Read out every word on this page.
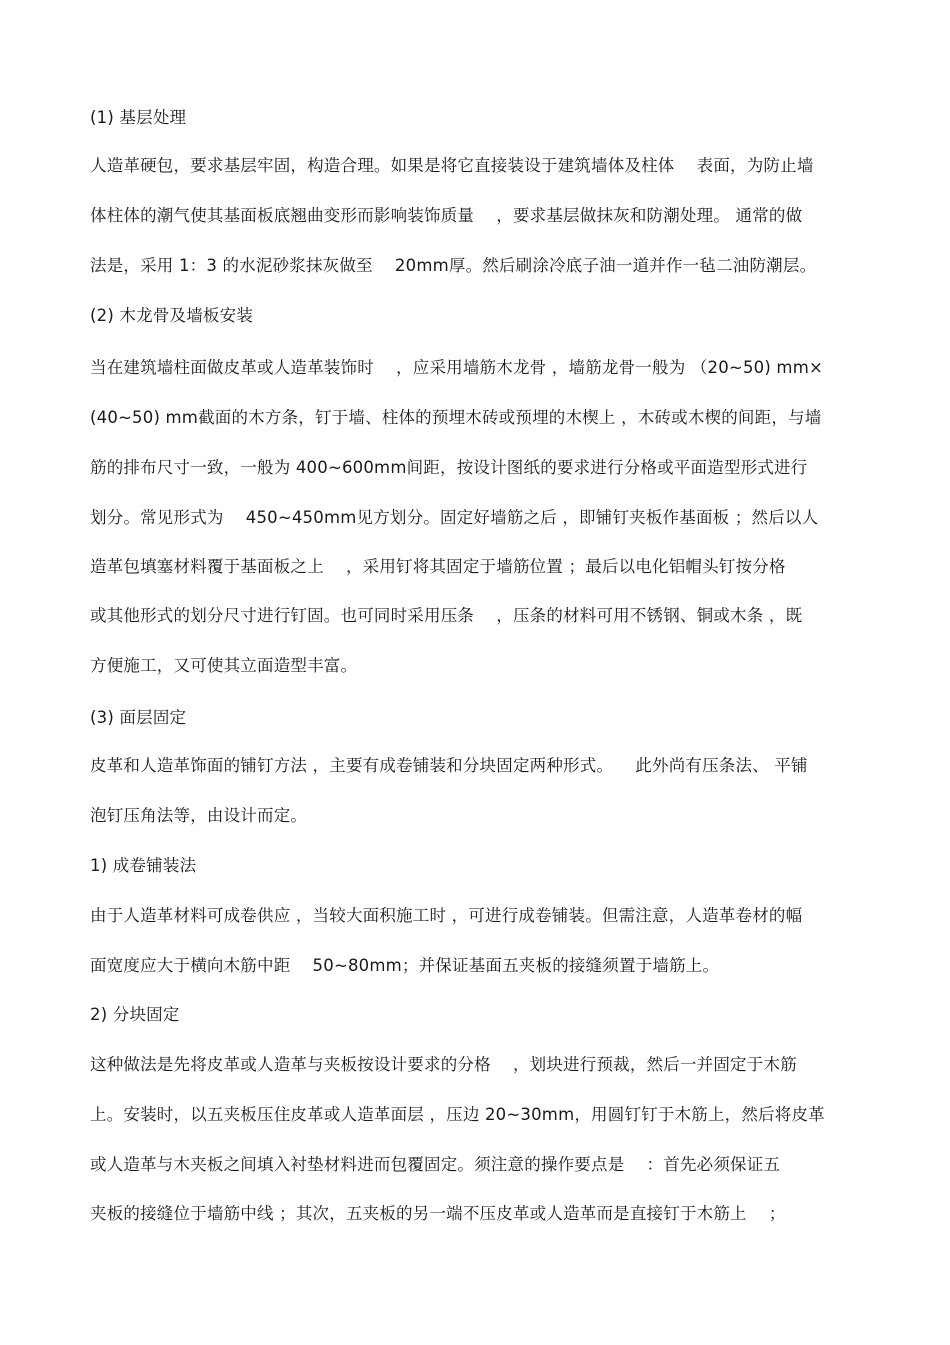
(1) 基层处理
人造革硬包，要求基层牢固，构造合理。如果是将它直接装设于建筑墙体及柱体 　表面，为防止墙
体柱体的潮气使其基面板底翘曲变形而影响装饰质量 　，要求基层做抹灰和防潮处理。 通常的做
法是，采用 1：3 的水泥砂浆抹灰做至 　20mm厚。然后刷涂冷底子油一道并作一毡二油防潮层。
(2) 木龙骨及墙板安装
当在建筑墙柱面做皮革或人造革装饰时 　，应采用墙筋木龙骨 ，墙筋龙骨一般为 （20~50) mm×
(40~50) mm截面的木方条，钉于墙、柱体的预埋木砖或预埋的木楔上 ，木砖或木楔的间距，与墙
筋的排布尺寸一致，一般为 400~600mm间距，按设计图纸的要求进行分格或平面造型形式进行
划分。常见形式为 　450~450mm见方划分。固定好墙筋之后 ，即铺钉夹板作基面板 ；然后以人
造革包填塞材料覆于基面板之上 　，采用钉将其固定于墙筋位置 ；最后以电化铝帽头钉按分格
或其他形式的划分尺寸进行钉固。也可同时采用压条 　，压条的材料可用不锈钢、铜或木条 ，既
方便施工，又可使其立面造型丰富。
(3) 面层固定
皮革和人造革饰面的铺钉方法 ，主要有成卷铺装和分块固定两种形式。 　此外尚有压条法、 平铺
泡钉压角法等，由设计而定。
1) 成卷铺装法
由于人造革材料可成卷供应 ，当较大面积施工时 ，可进行成卷铺装。但需注意，人造革卷材的幅
面宽度应大于横向木筋中距 　50~80mm；并保证基面五夹板的接缝须置于墙筋上。
2) 分块固定
这种做法是先将皮革或人造革与夹板按设计要求的分格 　，划块进行预裁，然后一并固定于木筋
上。安装时，以五夹板压住皮革或人造革面层 ，压边 20~30mm，用圆钉钉于木筋上，然后将皮革
或人造革与木夹板之间填入衬垫材料进而包覆固定。须注意的操作要点是 　：首先必须保证五
夹板的接缝位于墙筋中线 ；其次，五夹板的另一端不压皮革或人造革而是直接钉于木筋上 　；
